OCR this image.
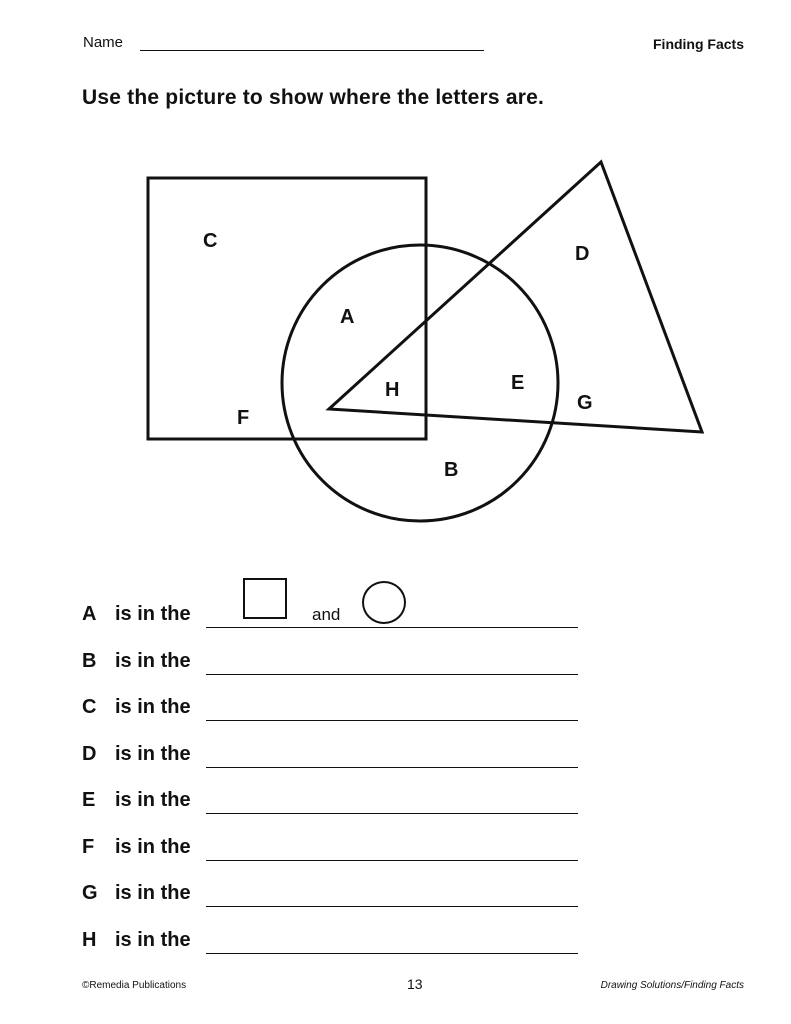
Name	Finding Facts
Use the picture to show where the letters are.
C
D
A
H	E
G
F
B
A is in the
B is in the
C is in the
D is in the
E is in the
F	is in the
G is in the
H is in the
and
©Remedia Publications	13	Drawing Solutions/Finding Facts
